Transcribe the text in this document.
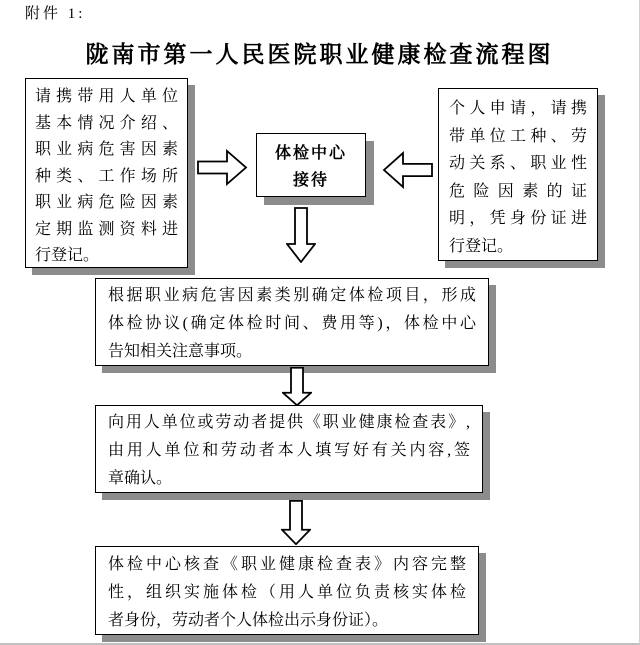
附件 1:
陇南市第一人民医院职业健康检查流程图
请携带用人单位
基本情况介绍、
职业病危害因素
种类、工作场所
职业病危险因素
定期监测资料进
行登记。
体检中心
接待
个人申请，请携
带单位工种、劳
动关系、职业性
危险因素的证
明，凭身份证进
行登记。
根据职业病危害因素类别确定体检项目，形成
体检协议(确定体检时间、费用等)，体检中心
告知相关注意事项。
向用人单位或劳动者提供《职业健康检查表》,
由用人单位和劳动者本人填写好有关内容,签
章确认。
体检中心核查《职业健康检查表》内容完整
性，组织实施体检（用人单位负责核实体检
者身份，劳动者个人体检出示身份证）。
